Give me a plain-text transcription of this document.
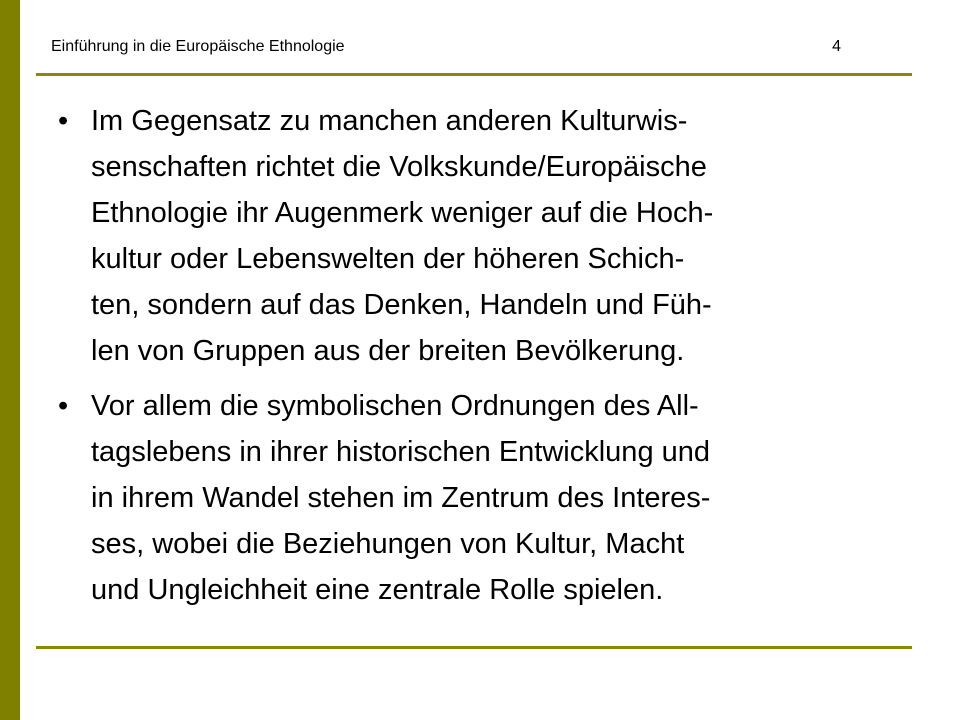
Einführung in die Europäische Ethnologie	4
• Im Gegensatz zu manchen anderen Kulturwis-
senschaften richtet die Volkskunde/Europäische
Ethnologie ihr Augenmerk weniger auf die Hoch-
kultur oder Lebenswelten der höheren Schich-
ten, sondern auf das Denken, Handeln und Füh-
len von Gruppen aus der breiten Bevölkerung.
• Vor allem die symbolischen Ordnungen des All-
tagslebens in ihrer historischen Entwicklung und
in ihrem Wandel stehen im Zentrum des Interes-
ses, wobei die Beziehungen von Kultur, Macht
und Ungleichheit eine zentrale Rolle spielen.
